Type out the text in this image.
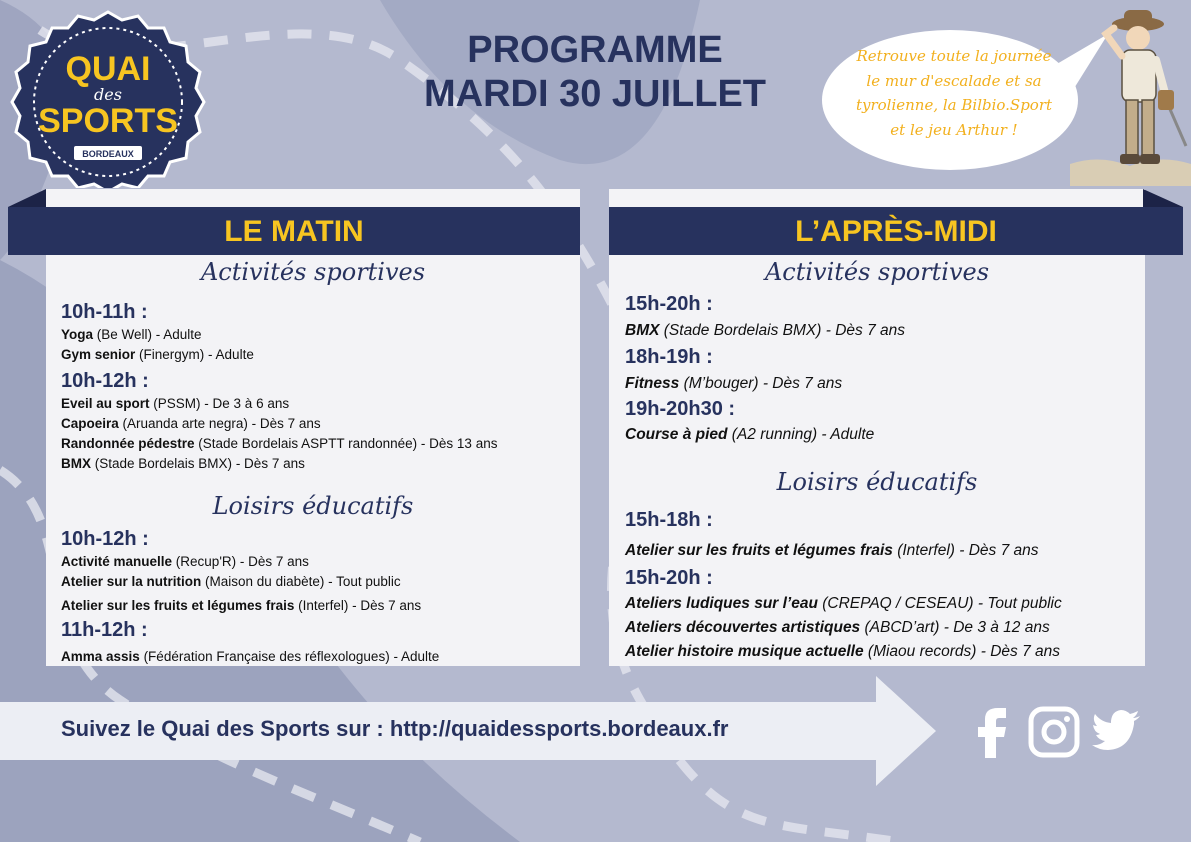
QUAI
des
SPORTS
BORDEAUX
PROGRAMME
MARDI 30 JUILLET
Retrouve toute la journée
le mur d'escalade et sa
tyrolienne, la Bilbio.Sport
et le jeu Arthur !
LE MATIN
Activités sportives
10h-11h :
Yoga (Be Well) - Adulte
Gym senior (Finergym) - Adulte
10h-12h :
Eveil au sport (PSSM) - De 3 à 6 ans
Capoeira (Aruanda arte negra) - Dès 7 ans
Randonnée pédestre (Stade Bordelais ASPTT randonnée) - Dès 13 ans
BMX (Stade Bordelais BMX) - Dès 7 ans
Loisirs éducatifs
10h-12h :
Activité manuelle (Recup'R) - Dès 7 ans
Atelier sur la nutrition (Maison du diabète) - Tout public
Atelier sur les fruits et légumes frais (Interfel) - Dès 7 ans
11h-12h :
Amma assis (Fédération Française des réflexologues) - Adulte
L’APRÈS-MIDI
Activités sportives
15h-20h :
BMX (Stade Bordelais BMX) - Dès 7 ans
18h-19h :
Fitness (M’bouger) - Dès 7 ans
19h-20h30 :
Course à pied (A2 running) - Adulte
Loisirs éducatifs
15h-18h :
Atelier sur les fruits et légumes frais (Interfel) - Dès 7 ans
15h-20h :
Ateliers ludiques sur l’eau (CREPAQ / CESEAU) - Tout public
Ateliers découvertes artistiques (ABCD’art) - De 3 à 12 ans
Atelier histoire musique actuelle (Miaou records) - Dès 7 ans
Suivez le Quai des Sports sur : http://quaidessports.bordeaux.fr
